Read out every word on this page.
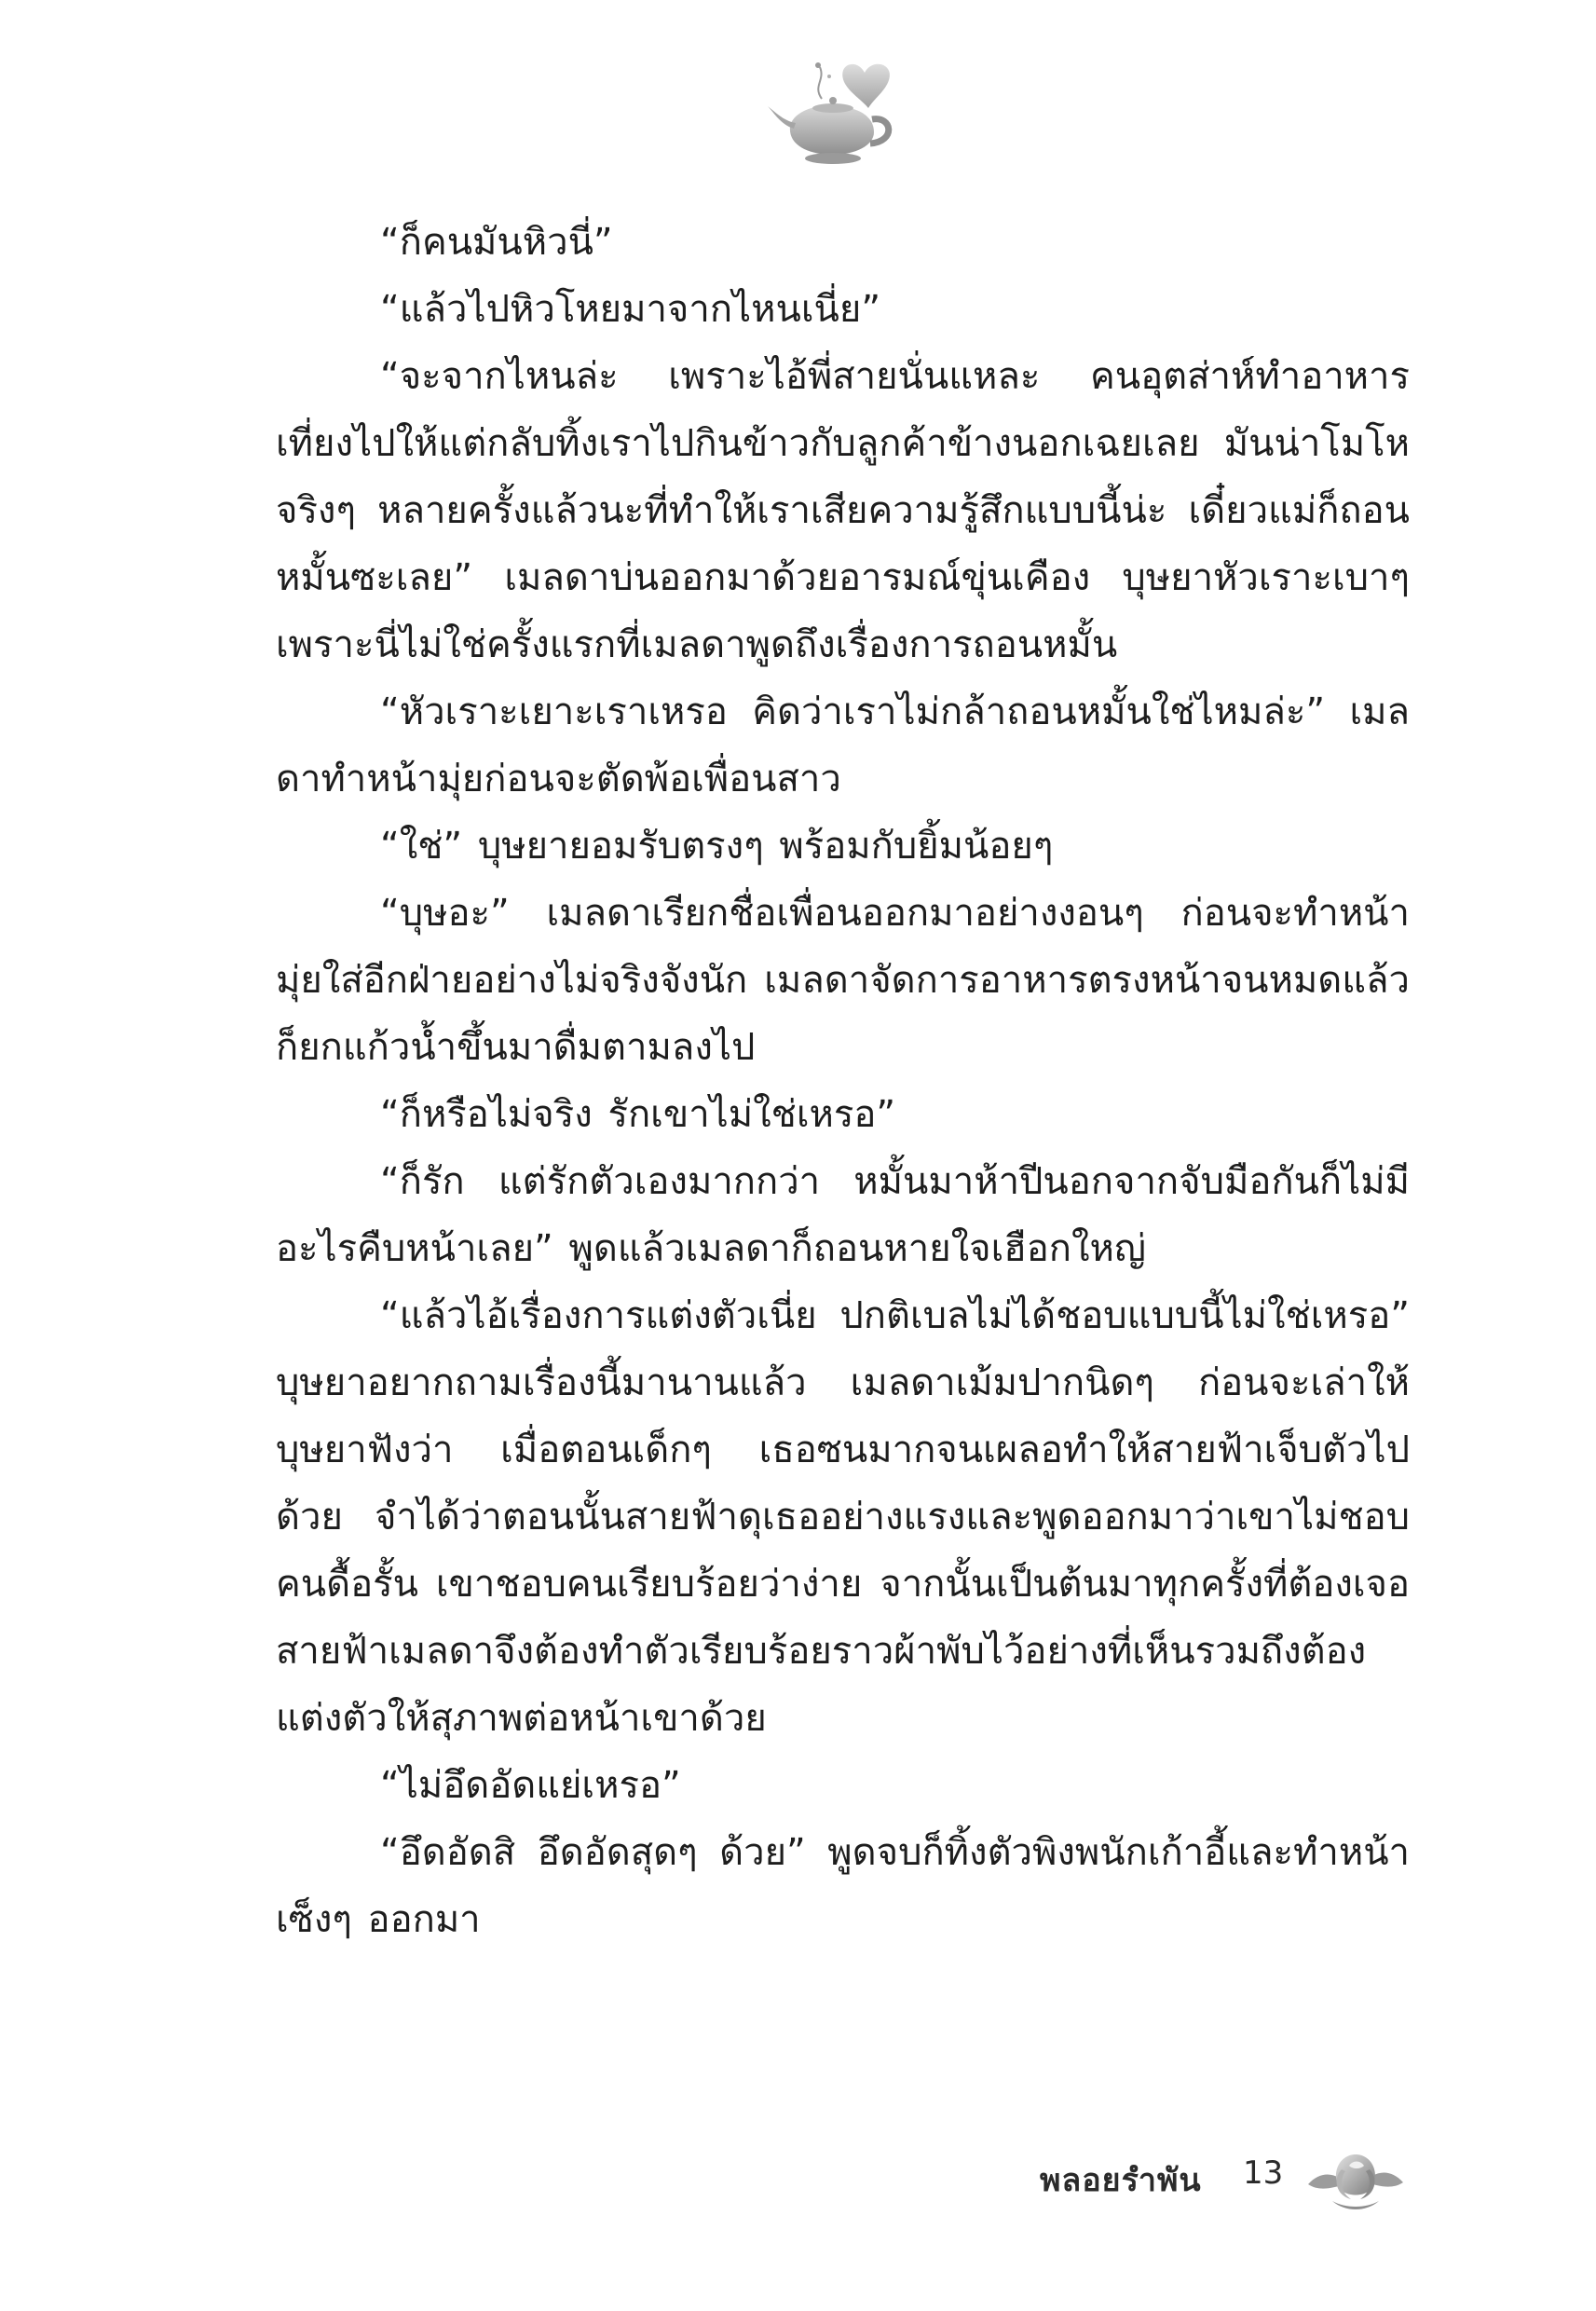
“ก็คนมันหิวนี่”

“แล้วไปหิวโหยมาจากไหนเนี่ย”

“จะจากไหนล่ะ เพราะไอ้พี่สายนั่นแหละ คนอุตส่าห์ทำอาหารเที่ยงไปให้แต่กลับทิ้งเราไปกินข้าวกับลูกค้าข้างนอกเฉยเลย มันน่าโมโหจริงๆ หลายครั้งแล้วนะที่ทำให้เราเสียความรู้สึกแบบนี้น่ะ เดี๋ยวแม่ก็ถอนหมั้นซะเลย” เมลดาบ่นออกมาด้วยอารมณ์ขุ่นเคือง บุษยาหัวเราะเบาๆ เพราะนี่ไม่ใช่ครั้งแรกที่เมลดาพูดถึงเรื่องการถอนหมั้น

“หัวเราะเยาะเราเหรอ คิดว่าเราไม่กล้าถอนหมั้นใช่ไหมล่ะ” เมลดาทำหน้ามุ่ยก่อนจะตัดพ้อเพื่อนสาว

“ใช่” บุษยายอมรับตรงๆ พร้อมกับยิ้มน้อยๆ

“บุษอะ” เมลดาเรียกชื่อเพื่อนออกมาอย่างงอนๆ ก่อนจะทำหน้ามุ่ยใส่อีกฝ่ายอย่างไม่จริงจังนัก เมลดาจัดการอาหารตรงหน้าจนหมดแล้วก็ยกแก้วน้ำขึ้นมาดื่มตามลงไป

“ก็หรือไม่จริง รักเขาไม่ใช่เหรอ”

“ก็รัก แต่รักตัวเองมากกว่า หมั้นมาห้าปีนอกจากจับมือกันก็ไม่มีอะไรคืบหน้าเลย” พูดแล้วเมลดาก็ถอนหายใจเฮือกใหญ่

“แล้วไอ้เรื่องการแต่งตัวเนี่ย ปกติเบลไม่ได้ชอบแบบนี้ไม่ใช่เหรอ” บุษยาอยากถามเรื่องนี้มานานแล้ว เมลดาเม้มปากนิดๆ ก่อนจะเล่าให้บุษยาฟังว่า เมื่อตอนเด็กๆ เธอซนมากจนเผลอทำให้สายฟ้าเจ็บตัวไปด้วย จำได้ว่าตอนนั้นสายฟ้าดุเธออย่างแรงและพูดออกมาว่าเขาไม่ชอบคนดื้อรั้น เขาชอบคนเรียบร้อยว่าง่าย จากนั้นเป็นต้นมาทุกครั้งที่ต้องเจอสายฟ้าเมลดาจึงต้องทำตัวเรียบร้อยราวผ้าพับไว้อย่างที่เห็นรวมถึงต้องแต่งตัวให้สุภาพต่อหน้าเขาด้วย

“ไม่อึดอัดแย่เหรอ”

“อึดอัดสิ อึดอัดสุดๆ ด้วย” พูดจบก็ทิ้งตัวพิงพนักเก้าอี้และทำหน้าเซ็งๆ ออกมา

พลอยรำพัน 13
